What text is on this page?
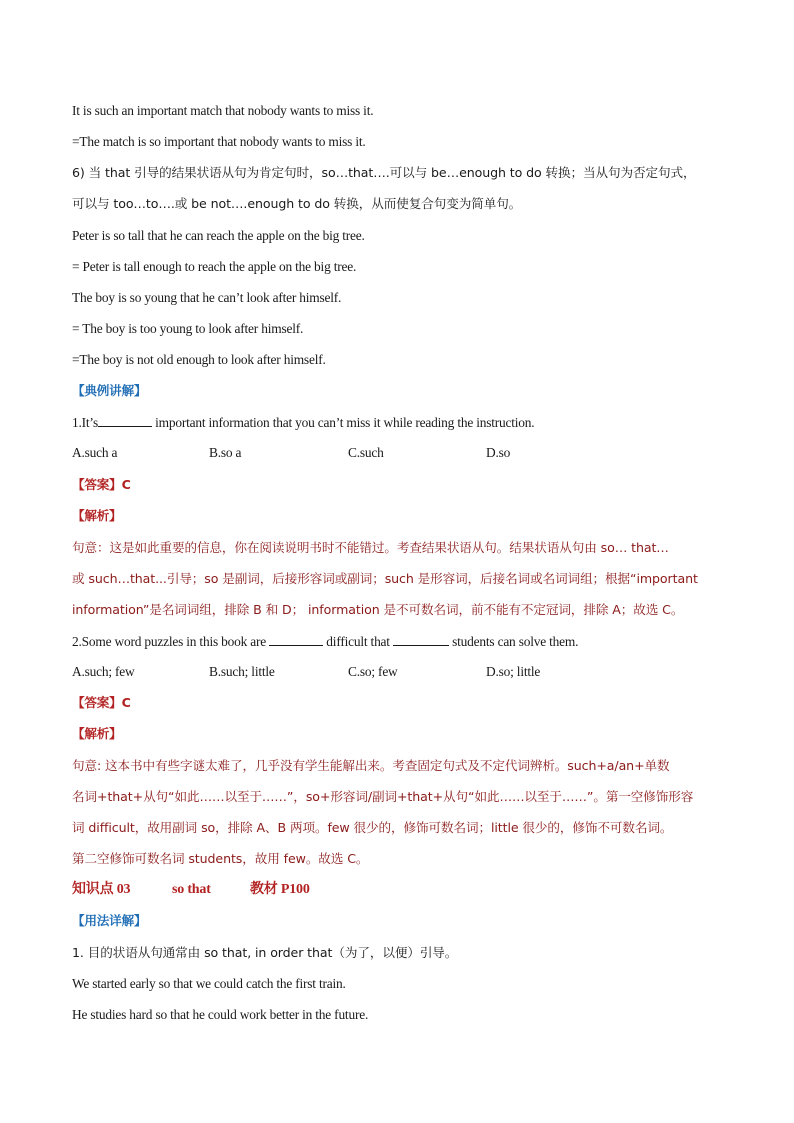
It is such an important match that nobody wants to miss it.
=The match is so important that nobody wants to miss it.
6) 当 that 引导的结果状语从句为肯定句时，so…that….可以与 be…enough to do 转换；当从句为否定句式，
可以与 too…to….或 be not….enough to do 转换，从而使复合句变为简单句。
Peter is so tall that he can reach the apple on the big tree.
= Peter is tall enough to reach the apple on the big tree.
The boy is so young that he can’t look after himself.
= The boy is too young to look after himself.
=The boy is not old enough to look after himself.
【典例讲解】
1.It’s	important information that you can’t miss it while reading the instruction.
A.such a	B.so a	C.such	D.so
【答案】C
【解析】
句意：这是如此重要的信息，你在阅读说明书时不能错过。考查结果状语从句。结果状语从句由 so… that…
或 such…that...引导；so 是副词，后接形容词或副词；such 是形容词，后接名词或名词词组；根据“important
information”是名词词组，排除 B 和 D； information 是不可数名词，前不能有不定冠词，排除 A；故选 C。
2.Some word puzzles in this book are	difficult that	students can solve them.
A.such; few	B.such; little	C.so; few	D.so; little
【答案】C
【解析】
句意: 这本书中有些字谜太难了，几乎没有学生能解出来。考查固定句式及不定代词辨析。such+a/an+单数
名词+that+从句“如此……以至于……”，so+形容词/副词+that+从句“如此……以至于……”。第一空修饰形容
词 difficult，故用副词 so，排除 A、B 两项。few 很少的，修饰可数名词；little 很少的，修饰不可数名词。
第二空修饰可数名词 students，故用 few。故选 C。
知识点 03	so that	教材 P100
【用法详解】
1. 目的状语从句通常由 so that, in order that（为了，以便）引导。
We started early so that we could catch the first train.
He studies hard so that he could work better in the future.
